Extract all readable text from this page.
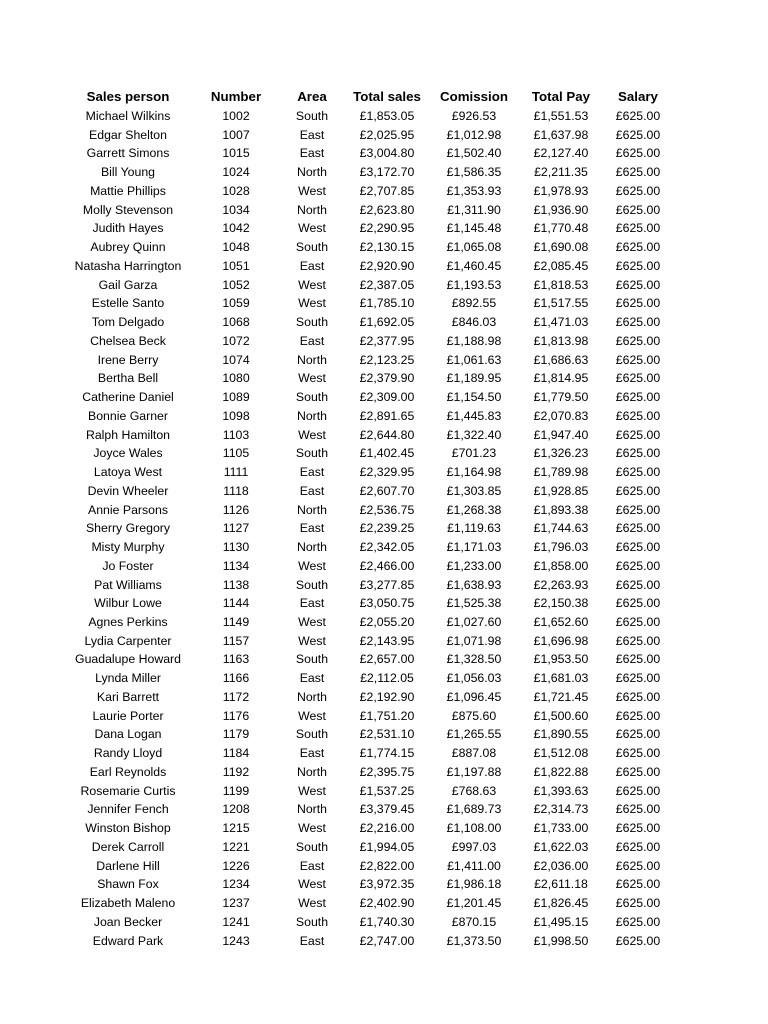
Sales person	Number	Area	Total sales	Comission	Total Pay	Salary
Michael Wilkins	1002	South	£1,853.05	£926.53	£1,551.53	£625.00
Edgar Shelton	1007	East	£2,025.95	£1,012.98	£1,637.98	£625.00
Garrett Simons	1015	East	£3,004.80	£1,502.40	£2,127.40	£625.00
Bill Young	1024	North	£3,172.70	£1,586.35	£2,211.35	£625.00
Mattie Phillips	1028	West	£2,707.85	£1,353.93	£1,978.93	£625.00
Molly Stevenson	1034	North	£2,623.80	£1,311.90	£1,936.90	£625.00
Judith Hayes	1042	West	£2,290.95	£1,145.48	£1,770.48	£625.00
Aubrey Quinn	1048	South	£2,130.15	£1,065.08	£1,690.08	£625.00
Natasha Harrington	1051	East	£2,920.90	£1,460.45	£2,085.45	£625.00
Gail Garza	1052	West	£2,387.05	£1,193.53	£1,818.53	£625.00
Estelle Santo	1059	West	£1,785.10	£892.55	£1,517.55	£625.00
Tom Delgado	1068	South	£1,692.05	£846.03	£1,471.03	£625.00
Chelsea Beck	1072	East	£2,377.95	£1,188.98	£1,813.98	£625.00
Irene Berry	1074	North	£2,123.25	£1,061.63	£1,686.63	£625.00
Bertha Bell	1080	West	£2,379.90	£1,189.95	£1,814.95	£625.00
Catherine Daniel	1089	South	£2,309.00	£1,154.50	£1,779.50	£625.00
Bonnie Garner	1098	North	£2,891.65	£1,445.83	£2,070.83	£625.00
Ralph Hamilton	1103	West	£2,644.80	£1,322.40	£1,947.40	£625.00
Joyce Wales	1105	South	£1,402.45	£701.23	£1,326.23	£625.00
Latoya West	1111	East	£2,329.95	£1,164.98	£1,789.98	£625.00
Devin Wheeler	1118	East	£2,607.70	£1,303.85	£1,928.85	£625.00
Annie Parsons	1126	North	£2,536.75	£1,268.38	£1,893.38	£625.00
Sherry Gregory	1127	East	£2,239.25	£1,119.63	£1,744.63	£625.00
Misty Murphy	1130	North	£2,342.05	£1,171.03	£1,796.03	£625.00
Jo Foster	1134	West	£2,466.00	£1,233.00	£1,858.00	£625.00
Pat Williams	1138	South	£3,277.85	£1,638.93	£2,263.93	£625.00
Wilbur Lowe	1144	East	£3,050.75	£1,525.38	£2,150.38	£625.00
Agnes Perkins	1149	West	£2,055.20	£1,027.60	£1,652.60	£625.00
Lydia Carpenter	1157	West	£2,143.95	£1,071.98	£1,696.98	£625.00
Guadalupe Howard	1163	South	£2,657.00	£1,328.50	£1,953.50	£625.00
Lynda Miller	1166	East	£2,112.05	£1,056.03	£1,681.03	£625.00
Kari Barrett	1172	North	£2,192.90	£1,096.45	£1,721.45	£625.00
Laurie Porter	1176	West	£1,751.20	£875.60	£1,500.60	£625.00
Dana Logan	1179	South	£2,531.10	£1,265.55	£1,890.55	£625.00
Randy Lloyd	1184	East	£1,774.15	£887.08	£1,512.08	£625.00
Earl Reynolds	1192	North	£2,395.75	£1,197.88	£1,822.88	£625.00
Rosemarie Curtis	1199	West	£1,537.25	£768.63	£1,393.63	£625.00
Jennifer Fench	1208	North	£3,379.45	£1,689.73	£2,314.73	£625.00
Winston Bishop	1215	West	£2,216.00	£1,108.00	£1,733.00	£625.00
Derek Carroll	1221	South	£1,994.05	£997.03	£1,622.03	£625.00
Darlene Hill	1226	East	£2,822.00	£1,411.00	£2,036.00	£625.00
Shawn Fox	1234	West	£3,972.35	£1,986.18	£2,611.18	£625.00
Elizabeth Maleno	1237	West	£2,402.90	£1,201.45	£1,826.45	£625.00
Joan Becker	1241	South	£1,740.30	£870.15	£1,495.15	£625.00
Edward Park	1243	East	£2,747.00	£1,373.50	£1,998.50	£625.00
